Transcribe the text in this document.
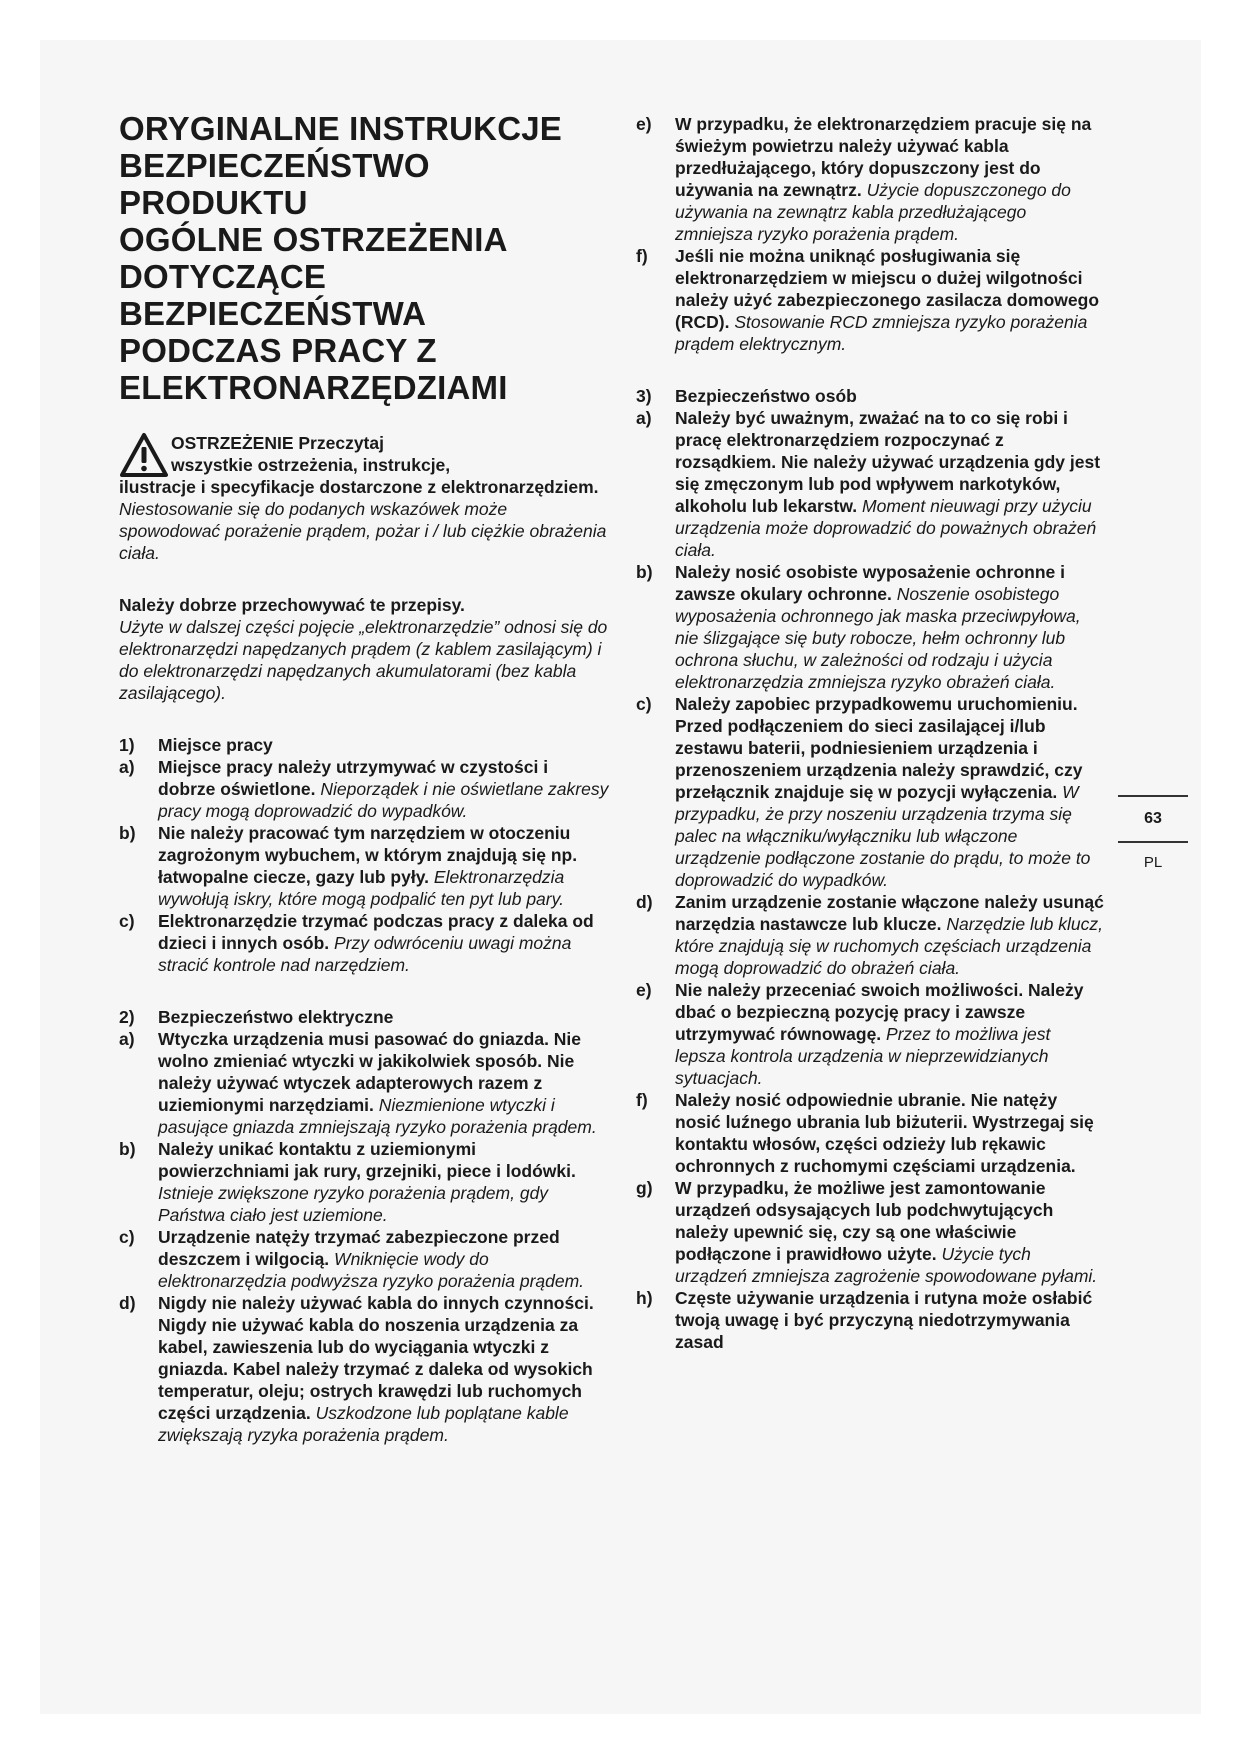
ORYGINALNE INSTRUKCJE
BEZPIECZEŃSTWO
PRODUKTU
OGÓLNE OSTRZEŻENIA
DOTYCZĄCE
BEZPIECZEŃSTWA
PODCZAS PRACY Z
ELEKTRONARZĘDZIAMI
OSTRZEŻENIE Przeczytaj
wszystkie ostrzeżenia, instrukcje,
ilustracje i specyfikacje dostarczone z elektronarzędziem. Niestosowanie się do podanych wskazówek może spowodować porażenie prądem, pożar i / lub ciężkie obrażenia ciała.
Należy dobrze przechowywać te przepisy.
Użyte w dalszej części pojęcie „elektronarzędzie” odnosi się do elektronarzędzi napędzanych prądem (z kablem zasilającym) i do elektronarzędzi napędzanych akumulatorami (bez kabla zasilającego).
1) Miejsce pracy
a) Miejsce pracy należy utrzymywać w czystości i dobrze oświetlone. Nieporządek i nie oświetlane zakresy pracy mogą doprowadzić do wypadków.
b) Nie należy pracować tym narzędziem w otoczeniu zagrożonym wybuchem, w którym znajdują się np. łatwopalne ciecze, gazy lub pyły. Elektronarzędzia wywołują iskry, które mogą podpalić ten pyt lub pary.
c) Elektronarzędzie trzymać podczas pracy z daleka od dzieci i innych osób. Przy odwróceniu uwagi można stracić kontrole nad narzędziem.
2) Bezpieczeństwo elektryczne
a) Wtyczka urządzenia musi pasować do gniazda. Nie wolno zmieniać wtyczki w jakikolwiek sposób. Nie należy używać wtyczek adapterowych razem z uziemionymi narzędziami. Niezmienione wtyczki i pasujące gniazda zmniejszają ryzyko porażenia prądem.
b) Należy unikać kontaktu z uziemionymi powierzchniami jak rury, grzejniki, piece i lodówki. Istnieje zwiększone ryzyko porażenia prądem, gdy Państwa ciało jest uziemione.
c) Urządzenie natęży trzymać zabezpieczone przed deszczem i wilgocią. Wniknięcie wody do elektronarzędzia podwyższa ryzyko porażenia prądem.
d) Nigdy nie należy używać kabla do innych czynności. Nigdy nie używać kabla do noszenia urządzenia za kabel, zawieszenia lub do wyciągania wtyczki z gniazda. Kabel należy trzymać z daleka od wysokich temperatur, oleju; ostrych krawędzi lub ruchomych części urządzenia. Uszkodzone lub poplątane kable zwiększają ryzyka porażenia prądem.
e) W przypadku, że elektronarzędziem pracuje się na świeżym powietrzu należy używać kabla przedłużającego, który dopuszczony jest do używania na zewnątrz. Użycie dopuszczonego do używania na zewnątrz kabla przedłużającego zmniejsza ryzyko porażenia prądem.
f) Jeśli nie można uniknąć posługiwania się elektronarzędziem w miejscu o dużej wilgotności należy użyć zabezpieczonego zasilacza domowego (RCD). Stosowanie RCD zmniejsza ryzyko porażenia prądem elektrycznym.
3) Bezpieczeństwo osób
a) Należy być uważnym, zważać na to co się robi i pracę elektronarzędziem rozpoczynać z rozsądkiem. Nie należy używać urządzenia gdy jest się zmęczonym lub pod wpływem narkotyków, alkoholu lub lekarstw. Moment nieuwagi przy użyciu urządzenia może doprowadzić do poważnych obrażeń ciała.
b) Należy nosić osobiste wyposażenie ochronne i zawsze okulary ochronne. Noszenie osobistego wyposażenia ochronnego jak maska przeciwpyłowa, nie ślizgające się buty robocze, hełm ochronny lub ochrona słuchu, w zależności od rodzaju i użycia elektronarzędzia zmniejsza ryzyko obrażeń ciała.
c) Należy zapobiec przypadkowemu uruchomieniu. Przed podłączeniem do sieci zasilającej i/lub zestawu baterii, podniesieniem urządzenia i przenoszeniem urządzenia należy sprawdzić, czy przełącznik znajduje się w pozycji wyłączenia. W przypadku, że przy noszeniu urządzenia trzyma się palec na włączniku/wyłączniku lub włączone urządzenie podłączone zostanie do prądu, to może to doprowadzić do wypadków.
d) Zanim urządzenie zostanie włączone należy usunąć narzędzia nastawcze lub klucze. Narzędzie lub klucz, które znajdują się w ruchomych częściach urządzenia mogą doprowadzić do obrażeń ciała.
e) Nie należy przeceniać swoich możliwości. Należy dbać o bezpieczną pozycję pracy i zawsze utrzymywać równowagę. Przez to możliwa jest lepsza kontrola urządzenia w nieprzewidzianych sytuacjach.
f) Należy nosić odpowiednie ubranie. Nie natęży nosić luźnego ubrania lub biżuterii. Wystrzegaj się kontaktu włosów, części odzieży lub rękawic ochronnych z ruchomymi częściami urządzenia.
g) W przypadku, że możliwe jest zamontowanie urządzeń odsysających lub podchwytujących należy upewnić się, czy są one właściwie podłączone i prawidłowo użyte. Użycie tych urządzeń zmniejsza zagrożenie spowodowane pyłami.
h) Częste używanie urządzenia i rutyna może osłabić twoją uwagę i być przyczyną niedotrzymywania zasad
63
PL
